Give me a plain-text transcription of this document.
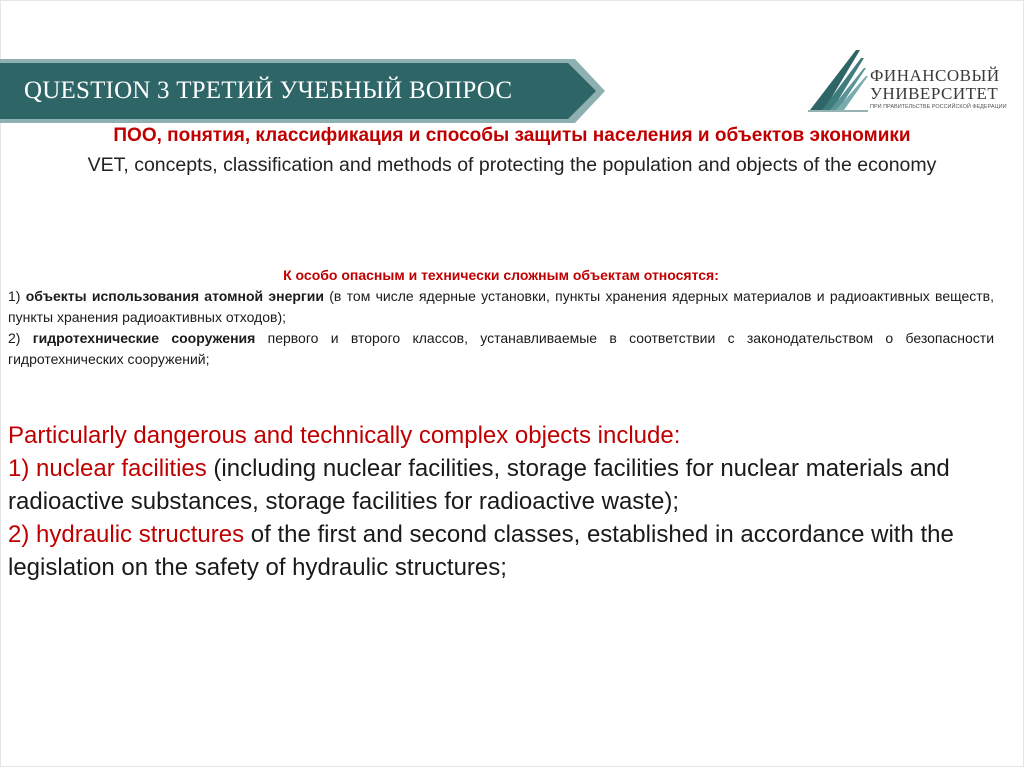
QUESTION 3 ТРЕТИЙ УЧЕБНЫЙ ВОПРОС
ФИНАНСОВЫЙ
УНИВЕРСИТЕТ
ПРИ ПРАВИТЕЛЬСТВЕ РОССИЙСКОЙ ФЕДЕРАЦИИ
ПОО, понятия, классификация и способы защиты населения и объектов экономики
VET, concepts, classification and methods of protecting the population and objects of the economy

К особо опасным и технически сложным объектам относятся:

1) объекты использования атомной энергии (в том числе ядерные установки, пункты хранения ядерных материалов и радиоактивных веществ, пункты хранения радиоактивных отходов);

2) гидротехнические сооружения первого и второго классов, устанавливаемые в соответствии с законодательством о безопасности гидротехнических сооружений;

Particularly dangerous and technically complex objects include:

1) nuclear facilities (including nuclear facilities, storage facilities for nuclear materials and radioactive substances, storage facilities for radioactive waste);

2) hydraulic structures of the first and second classes, established in accordance with the legislation on the safety of hydraulic structures;
